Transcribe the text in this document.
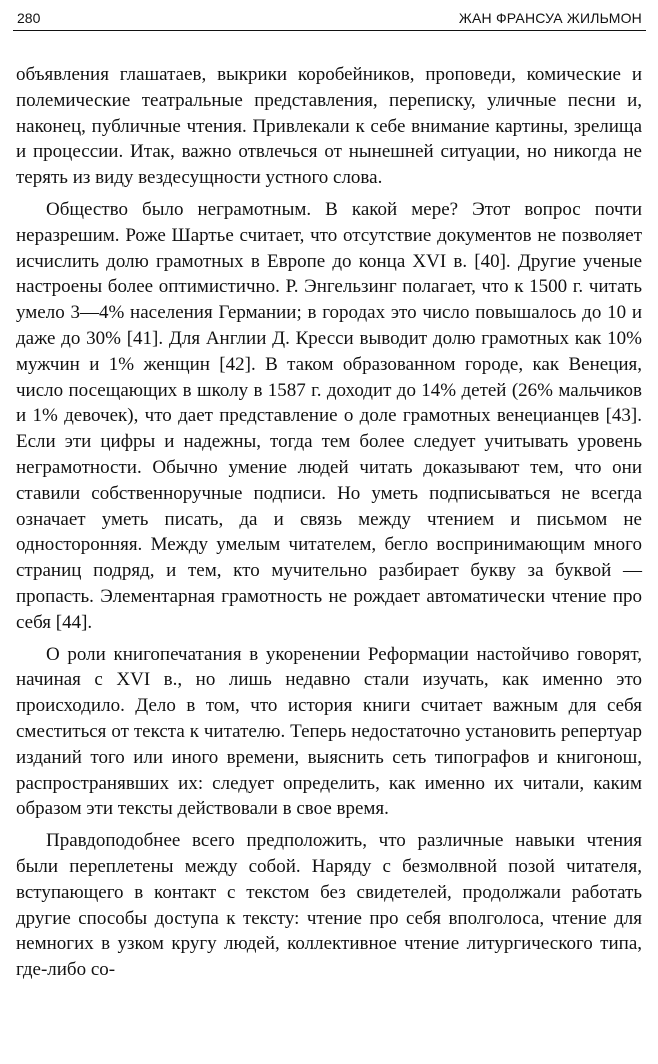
280	ЖАН ФРАНСУА ЖИЛЬМОН

объявления глашатаев, выкрики коробейников, проповеди, комические и полемические театральные представления, переписку, уличные песни и, наконец, публичные чтения. Привлекали к себе внимание картины, зрелища и процессии. Итак, важно отвлечься от нынешней ситуации, но никогда не терять из виду вездесущности устного слова.

Общество было неграмотным. В какой мере? Этот вопрос почти неразрешим. Роже Шартье считает, что отсутствие документов не позволяет исчислить долю грамотных в Европе до конца XVI в. [40]. Другие ученые настроены более оптимистично. Р. Энгельзинг полагает, что к 1500 г. читать умело 3—4% населения Германии; в городах это число повышалось до 10 и даже до 30% [41]. Для Англии Д. Кресси выводит долю грамотных как 10% мужчин и 1% женщин [42]. В таком образованном городе, как Венеция, число посещающих в школу в 1587 г. доходит до 14% детей (26% мальчиков и 1% девочек), что дает представление о доле грамотных венецианцев [43]. Если эти цифры и надежны, тогда тем более следует учитывать уровень неграмотности. Обычно умение людей читать доказывают тем, что они ставили собственноручные подписи. Но уметь подписываться не всегда означает уметь писать, да и связь между чтением и письмом не односторонняя. Между умелым читателем, бегло воспринимающим много страниц подряд, и тем, кто мучительно разбирает букву за буквой — пропасть. Элементарная грамотность не рождает автоматически чтение про себя [44].

О роли книгопечатания в укоренении Реформации настойчиво говорят, начиная с XVI в., но лишь недавно стали изучать, как именно это происходило. Дело в том, что история книги считает важным для себя сместиться от текста к читателю. Теперь недостаточно установить репертуар изданий того или иного времени, выяснить сеть типографов и книгонош, распространявших их: следует определить, как именно их читали, каким образом эти тексты действовали в свое время.

Правдоподобнее всего предположить, что различные навыки чтения были переплетены между собой. Наряду с безмолвной позой читателя, вступающего в контакт с текстом без свидетелей, продолжали работать другие способы доступа к тексту: чтение про себя вполголоса, чтение для немногих в узком кругу людей, коллективное чтение литургического типа, где-либо со-
